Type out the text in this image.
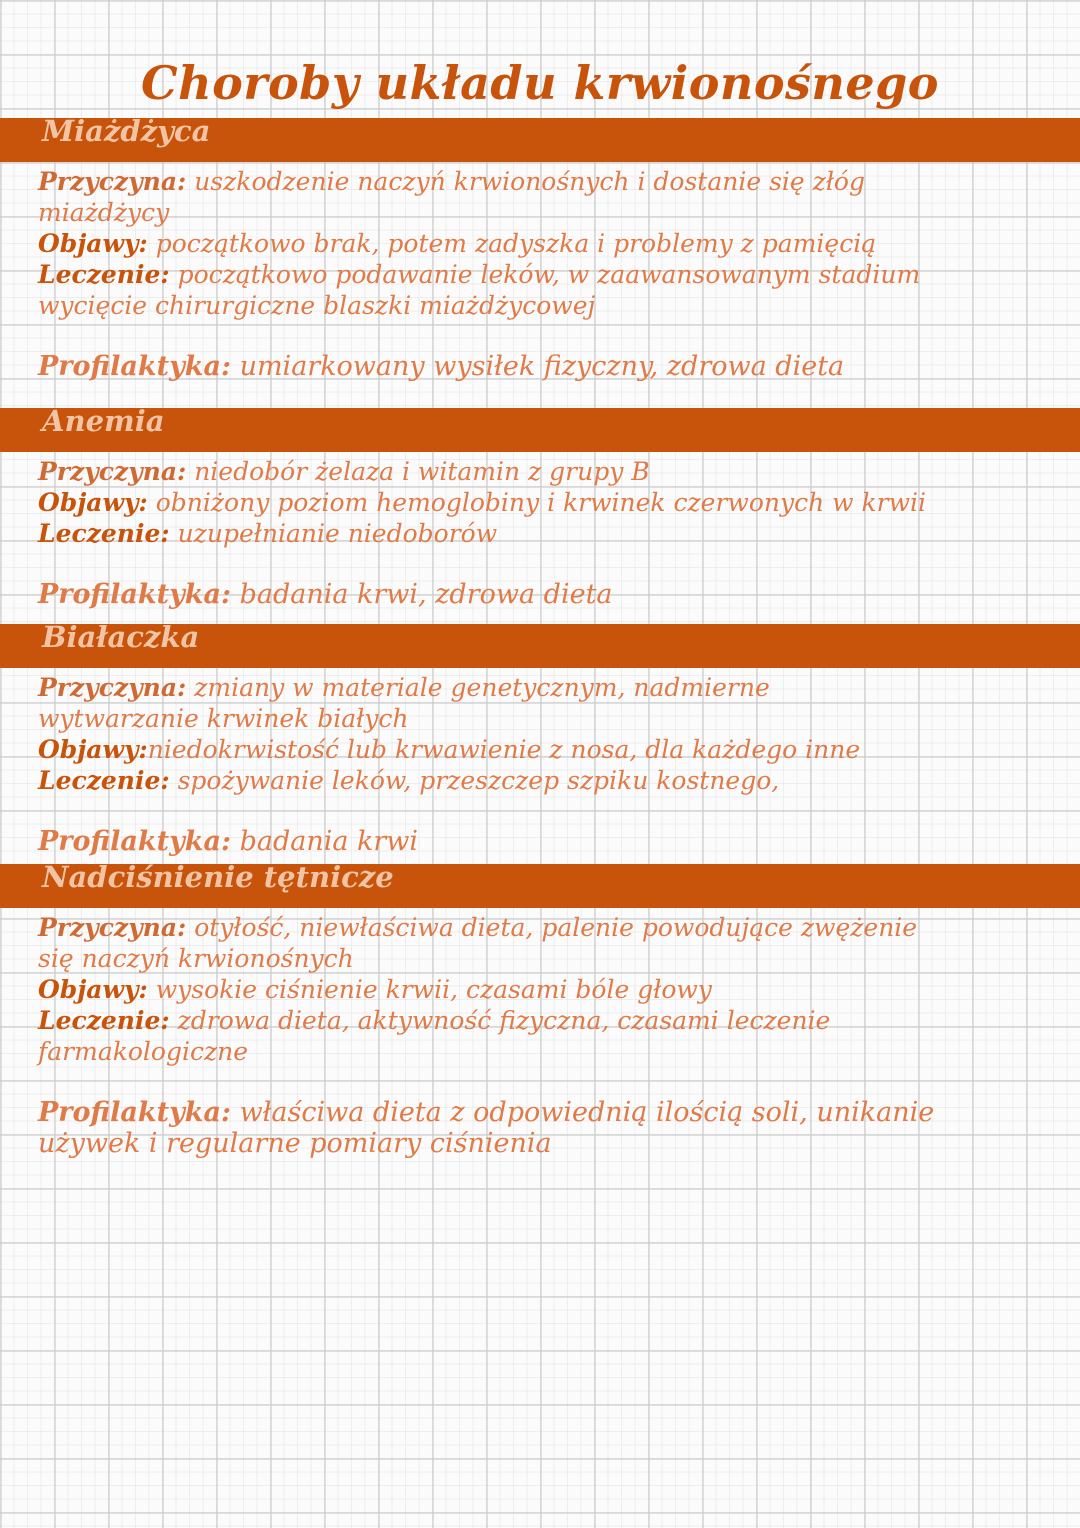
Choroby układu krwionośnego
Miażdżyca
Przyczyna: uszkodzenie naczyń krwionośnych i dostanie się złóg
miażdżycy
Objawy: początkowo brak, potem zadyszka i problemy z pamięcią
Leczenie: początkowo podawanie leków, w zaawansowanym stadium
wycięcie chirurgiczne blaszki miażdżycowej
Profilaktyka: umiarkowany wysiłek fizyczny, zdrowa dieta
Anemia
Przyczyna: niedobór żelaza i witamin z grupy B
Objawy: obniżony poziom hemoglobiny i krwinek czerwonych w krwii
Leczenie: uzupełnianie niedoborów
Profilaktyka: badania krwi, zdrowa dieta
Białaczka
Przyczyna: zmiany w materiale genetycznym, nadmierne
wytwarzanie krwinek białych
Objawy:niedokrwistość lub krwawienie z nosa, dla każdego inne
Leczenie: spożywanie leków, przeszczep szpiku kostnego,
Profilaktyka: badania krwi
Nadciśnienie tętnicze
Przyczyna: otyłość, niewłaściwa dieta, palenie powodujące zwężenie
się naczyń krwionośnych
Objawy: wysokie ciśnienie krwii, czasami bóle głowy
Leczenie: zdrowa dieta, aktywność fizyczna, czasami leczenie
farmakologiczne
Profilaktyka: właściwa dieta z odpowiednią ilością soli, unikanie
używek i regularne pomiary ciśnienia
